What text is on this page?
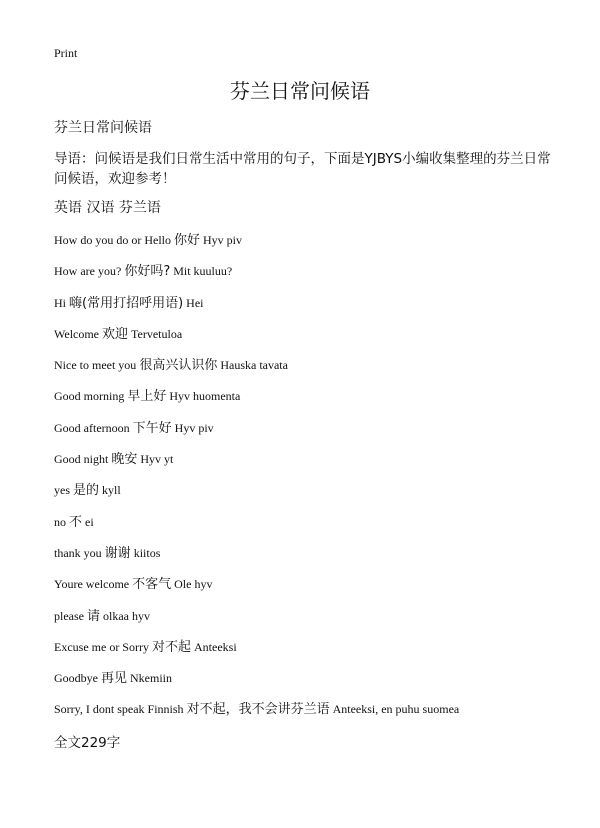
Print
芬兰日常问候语
芬兰日常问候语
导语：问候语是我们日常生活中常用的句子，下面是YJBYS小编收集整理的芬兰日常问候语，欢迎参考！
英语 汉语 芬兰语
How do you do or Hello 你好 Hyv piv
How are you? 你好吗? Mit kuuluu?
Hi 嗨(常用打招呼用语) Hei
Welcome 欢迎 Tervetuloa
Nice to meet you 很高兴认识你 Hauska tavata
Good morning 早上好 Hyv huomenta
Good afternoon 下午好 Hyv piv
Good night 晚安 Hyv yt
yes 是的 kyll
no 不 ei
thank you 谢谢 kiitos
Youre welcome 不客气 Ole hyv
please 请 olkaa hyv
Excuse me or Sorry 对不起 Anteeksi
Goodbye 再见 Nkemiin
Sorry, I dont speak Finnish 对不起，我不会讲芬兰语 Anteeksi, en puhu suomea
全文229字
